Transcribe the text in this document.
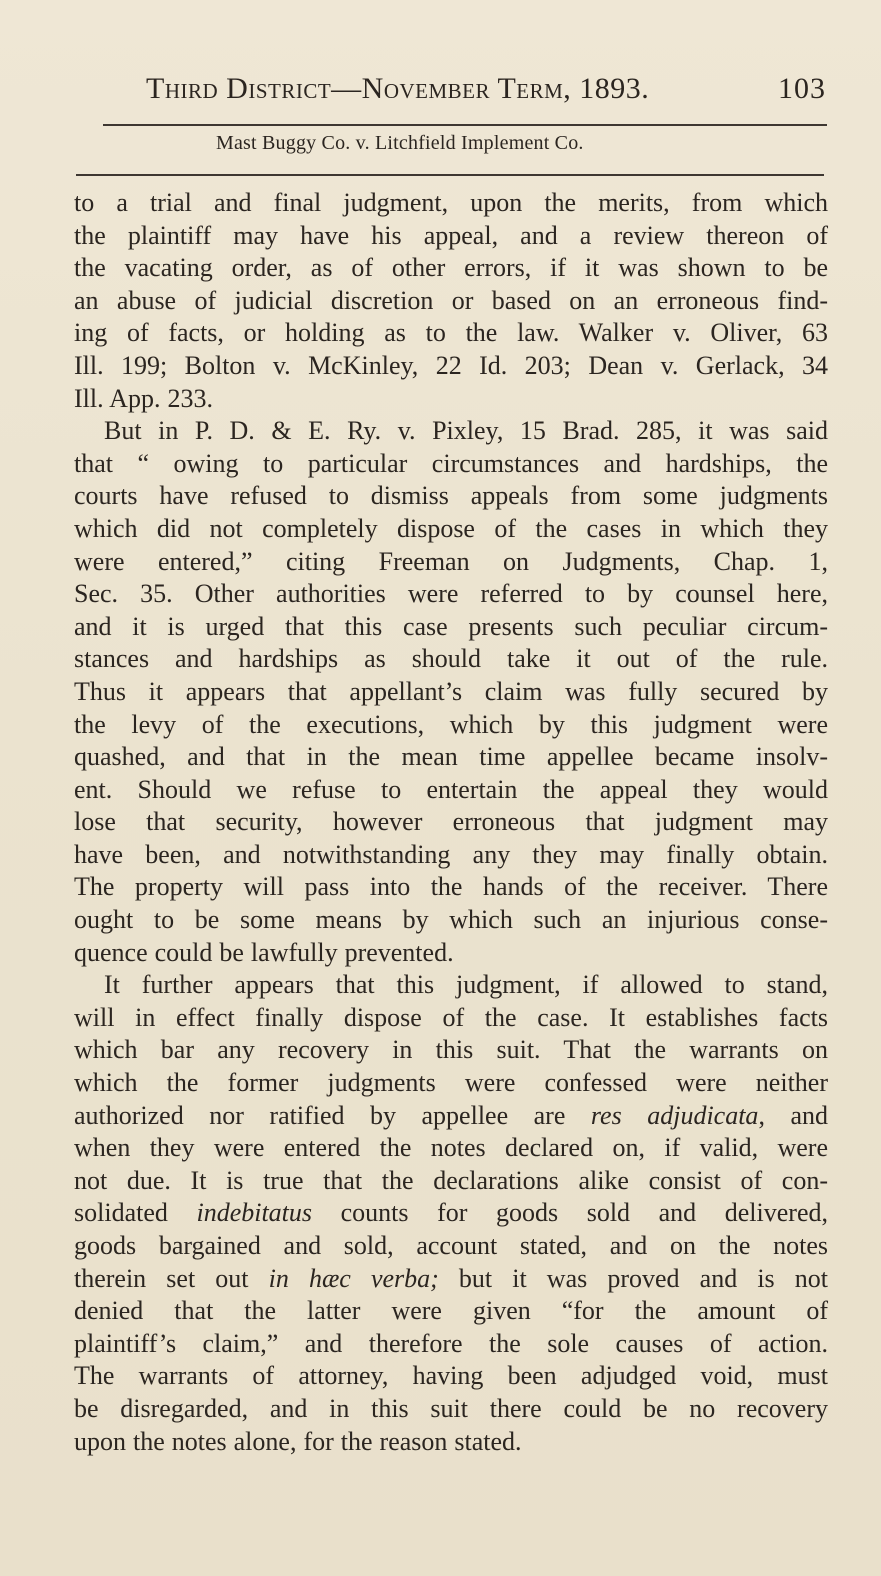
Third District—November Term, 1893.	103
Mast Buggy Co. v. Litchfield Implement Co.
to a trial and final judgment, upon the merits, from which
the plaintiff may have his appeal, and a review thereon of
the vacating order, as of other errors, if it was shown to be
an abuse of judicial discretion or based on an erroneous find-
ing of facts, or holding as to the law. Walker v. Oliver, 63
Ill. 199; Bolton v. McKinley, 22 Id. 203; Dean v. Gerlack, 34
Ill. App. 233.
But in P. D. & E. Ry. v. Pixley, 15 Brad. 285, it was said
that “ owing to particular circumstances and hardships, the
courts have refused to dismiss appeals from some judgments
which did not completely dispose of the cases in which they
were entered,” citing Freeman on Judgments, Chap. 1,
Sec. 35. Other authorities were referred to by counsel here,
and it is urged that this case presents such peculiar circum-
stances and hardships as should take it out of the rule.
Thus it appears that appellant’s claim was fully secured by
the levy of the executions, which by this judgment were
quashed, and that in the mean time appellee became insolv-
ent. Should we refuse to entertain the appeal they would
lose that security, however erroneous that judgment may
have been, and notwithstanding any they may finally obtain.
The property will pass into the hands of the receiver. There
ought to be some means by which such an injurious conse-
quence could be lawfully prevented.
It further appears that this judgment, if allowed to stand,
will in effect finally dispose of the case. It establishes facts
which bar any recovery in this suit. That the warrants on
which the former judgments were confessed were neither
authorized nor ratified by appellee are res adjudicata, and
when they were entered the notes declared on, if valid, were
not due. It is true that the declarations alike consist of con-
solidated indebitatus counts for goods sold and delivered,
goods bargained and sold, account stated, and on the notes
therein set out in hæc verba; but it was proved and is not
denied that the latter were given “for the amount of
plaintiff’s claim,” and therefore the sole causes of action.
The warrants of attorney, having been adjudged void, must
be disregarded, and in this suit there could be no recovery
upon the notes alone, for the reason stated.
